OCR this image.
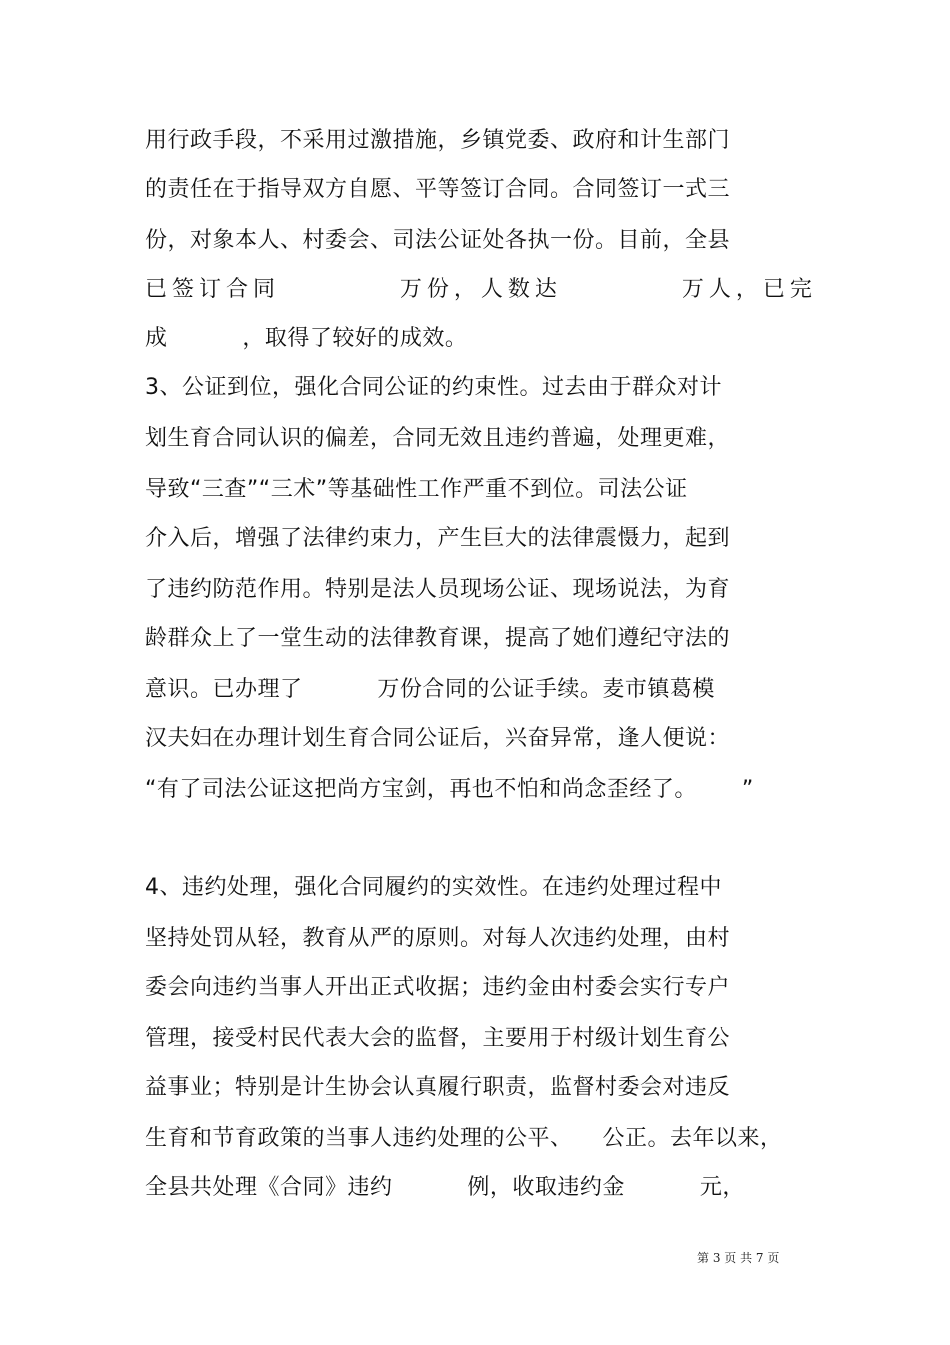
用行政手段，不采用过激措施，乡镇党委、政府和计生部门
的责任在于指导双方自愿、平等签订合同。合同签订一式三
份，对象本人、村委会、司法公证处各执一份。目前，全县
已签订合同          万份，人数达          万人，已完
成          ，取得了较好的成效。
3、公证到位，强化合同公证的约束性。过去由于群众对计
划生育合同认识的偏差，合同无效且违约普遍，处理更难，
导致“三查”“三术”等基础性工作严重不到位。司法公证
介入后，增强了法律约束力，产生巨大的法律震慑力，起到
了违约防范作用。特别是法人员现场公证、现场说法，为育
龄群众上了一堂生动的法律教育课，提高了她们遵纪守法的
意识。已办理了          万份合同的公证手续。麦市镇葛模
汉夫妇在办理计划生育合同公证后，兴奋异常，逢人便说：
“有了司法公证这把尚方宝剑，再也不怕和尚念歪经了。      ”
4、违约处理，强化合同履约的实效性。在违约处理过程中
坚持处罚从轻，教育从严的原则。对每人次违约处理，由村
委会向违约当事人开出正式收据；违约金由村委会实行专户
管理，接受村民代表大会的监督，主要用于村级计划生育公
益事业；特别是计生协会认真履行职责，监督村委会对违反
生育和节育政策的当事人违约处理的公平、    公正。去年以来，
全县共处理《合同》违约          例，收取违约金          元，
第 3 页 共 7 页
